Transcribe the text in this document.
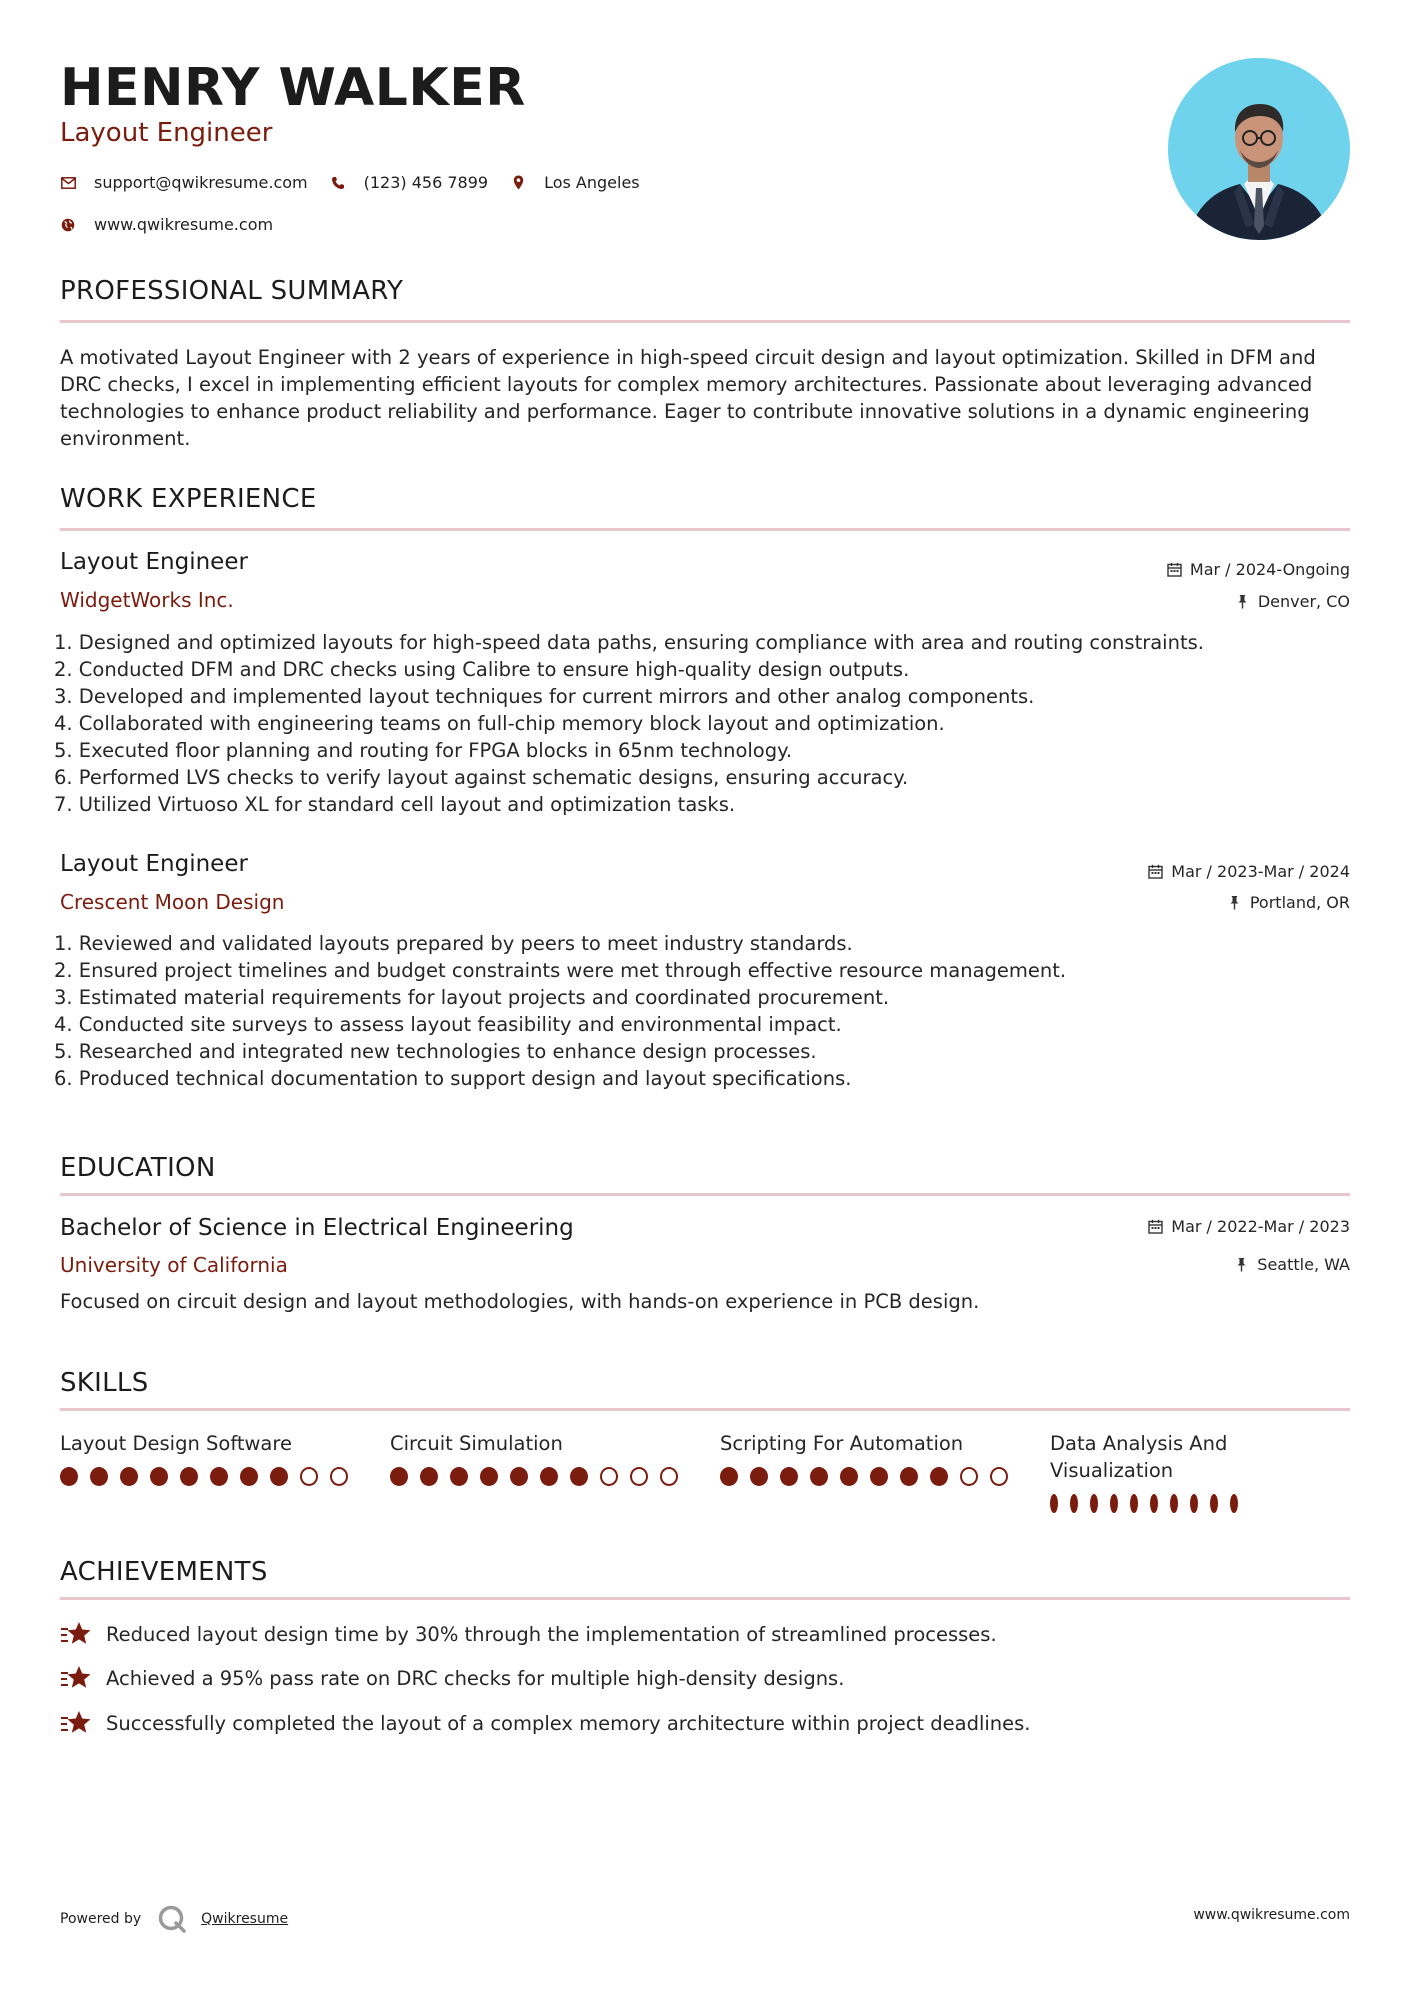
HENRY WALKER
Layout Engineer
support@qwikresume.com	(123) 456 7899	Los Angeles
www.qwikresume.com
PROFESSIONAL SUMMARY
A motivated Layout Engineer with 2 years of experience in high-speed circuit design and layout optimization. Skilled in DFM and DRC checks, I excel in implementing efficient layouts for complex memory architectures. Passionate about leveraging advanced technologies to enhance product reliability and performance. Eager to contribute innovative solutions in a dynamic engineering environment.
WORK EXPERIENCE
Layout Engineer	Mar / 2024-Ongoing
WidgetWorks Inc.	Denver, CO
1. Designed and optimized layouts for high-speed data paths, ensuring compliance with area and routing constraints.
2. Conducted DFM and DRC checks using Calibre to ensure high-quality design outputs.
3. Developed and implemented layout techniques for current mirrors and other analog components.
4. Collaborated with engineering teams on full-chip memory block layout and optimization.
5. Executed floor planning and routing for FPGA blocks in 65nm technology.
6. Performed LVS checks to verify layout against schematic designs, ensuring accuracy.
7. Utilized Virtuoso XL for standard cell layout and optimization tasks.
Layout Engineer	Mar / 2023-Mar / 2024
Crescent Moon Design	Portland, OR
1. Reviewed and validated layouts prepared by peers to meet industry standards.
2. Ensured project timelines and budget constraints were met through effective resource management.
3. Estimated material requirements for layout projects and coordinated procurement.
4. Conducted site surveys to assess layout feasibility and environmental impact.
5. Researched and integrated new technologies to enhance design processes.
6. Produced technical documentation to support design and layout specifications.
EDUCATION
Bachelor of Science in Electrical Engineering	Mar / 2022-Mar / 2023
University of California	Seattle, WA
Focused on circuit design and layout methodologies, with hands-on experience in PCB design.
SKILLS
Layout Design Software	Circuit Simulation	Scripting For Automation	Data Analysis And Visualization
ACHIEVEMENTS
Reduced layout design time by 30% through the implementation of streamlined processes.
Achieved a 95% pass rate on DRC checks for multiple high-density designs.
Successfully completed the layout of a complex memory architecture within project deadlines.
Powered by	Qwikresume	www.qwikresume.com
